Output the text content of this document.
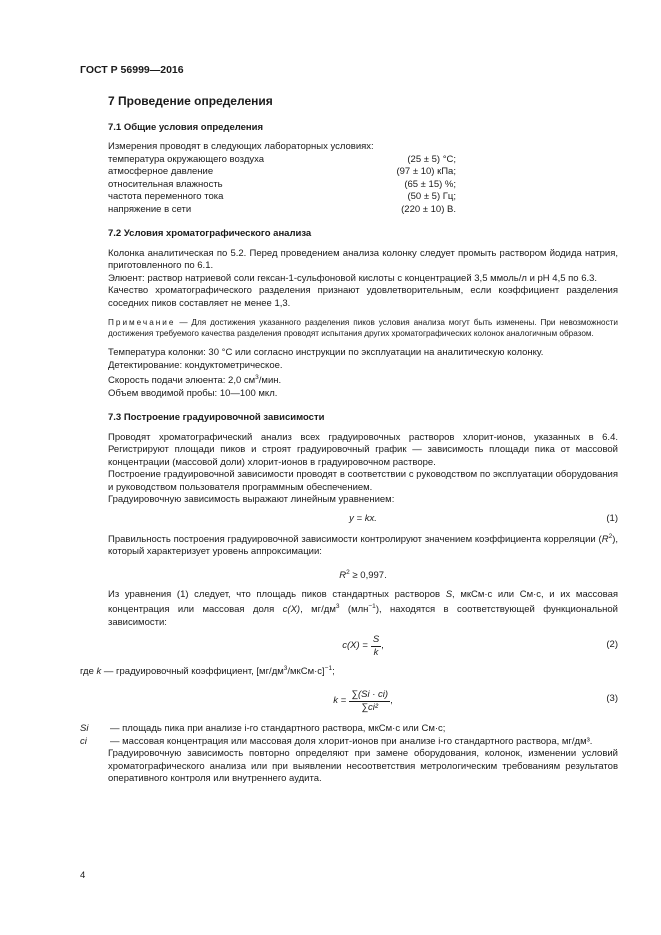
ГОСТ Р 56999—2016
7 Проведение определения
7.1 Общие условия определения

Измерения проводят в следующих лабораторных условиях:

температура окружающего воздуха	(25 ± 5) °С;
атмосферное давление	(97 ± 10) кПа;
относительная влажность	(65 ± 15) %;
частота переменного тока	(50 ± 5) Гц;
напряжение в сети	(220 ± 10) В.
7.2 Условия хроматографического анализа

Колонка аналитическая по 5.2. Перед проведением анализа колонку следует промыть раствором йодида натрия, приготовленного по 6.1.

Элюент: раствор натриевой соли гексан-1-сульфоновой кислоты с концентрацией 3,5 ммоль/л и рН 4,5 по 6.3.

Качество хроматографического разделения признают удовлетворительным, если коэффициент разделения соседних пиков составляет не менее 1,3.

Примечание — Для достижения указанного разделения пиков условия анализа могут быть изменены. При невозможности достижения требуемого качества разделения проводят испытания других хроматографических колонок аналогичным образом.

Температура колонки: 30 °С или согласно инструкции по эксплуатации на аналитическую колонку.

Детектирование: кондуктометрическое.

Скорость подачи элюента: 2,0 $см^3$/мин.

Объем вводимой пробы: 10—100 мкл.

7.3 Построение градуировочной зависимости

Проводят хроматографический анализ всех градуировочных растворов хлорит-ионов, указанных в 6.4. Регистрируют площади пиков и строят градуировочный график — зависимость площади пика от массовой концентрации (массовой доли) хлорит-ионов в градуировочном растворе.

Построение градуировочной зависимости проводят в соответствии с руководством по эксплуатации оборудования и руководством пользователя программным обеспечением.

Градуировочную зависимость выражают линейным уравнением:

y = kx.	(1)

Правильность построения градуировочной зависимости контролируют значением коэффициента корреляции $(R^2)$, который характеризует уровень аппроксимации:

$R^2 \ge 0,997$.

Из уравнения (1) следует, что площадь пиков стандартных растворов S, мкСм·с или См·с, и их массовая концентрация или массовая доля c(X), $мг/дм^3$ (млн$^{-1}$), находятся в соответствующей функциональной зависимости:

$c(X) = \frac{S}{k}$ ,	(2)

где k — градуировочный коэффициент, $[мг/дм^3/мкСм\cdot с]^{-1}$;

$k = \frac{\sum(Si \cdot ci)}{\text{∑ci²}}$ ,	(3)
Si	— площадь пика при анализе i-го стандартного раствора, мкСм·с или См·с;
ci	— массовая концентрация или массовая доля хлорит-ионов при анализе i-го стандартного раствора, мг/дм³.

Градуировочную зависимость повторно определяют при замене оборудования, колонок, изменении условий хроматографического анализа или при выявлении несоответствия метрологическим требованиям результатов оперативного контроля или внутреннего аудита.

4
